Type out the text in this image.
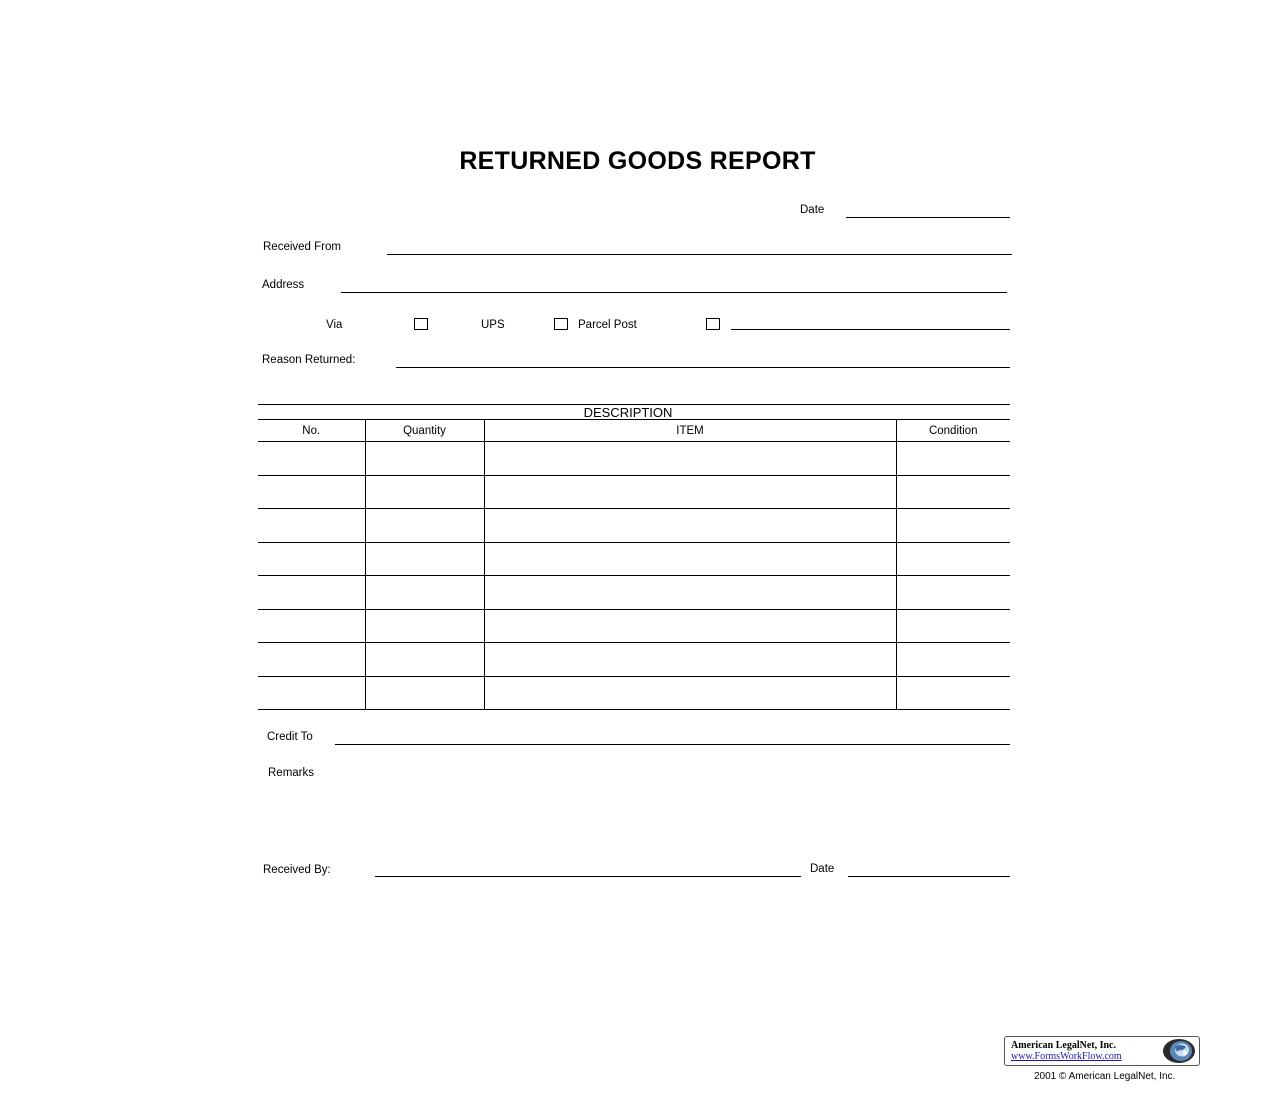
RETURNED GOODS REPORT
Date
Received From
Address
Via	UPS	Parcel Post
Reason Returned:
DESCRIPTION
No.	Quantity	ITEM	Condition

Credit To
Remarks
Received By:	Date
American LegalNet, Inc.
www.FormsWorkFlow.com
2001 © American LegalNet, Inc.
